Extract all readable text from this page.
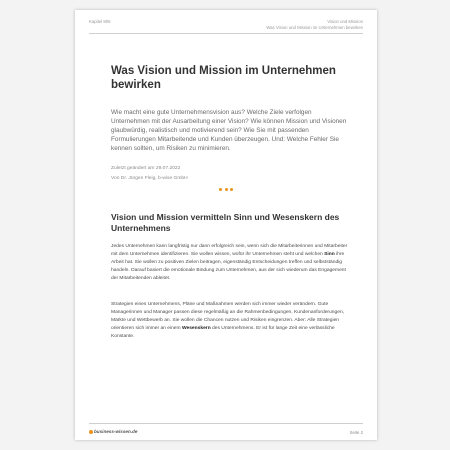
Kapitel 806	Vision und Mission
Was Vision und Mission im Unternehmen bewirken
Was Vision und Mission im Unternehmen bewirken

Wie macht eine gute Unternehmensvision aus? Welche Ziele verfolgen Unternehmen mit der Ausarbeitung einer Vision? Wie können Mission und Visionen glaubwürdig, realistisch und motivierend sein? Wie Sie mit passenden Formulierungen Mitarbeitende und Kunden überzeugen. Und: Welche Fehler Sie kennen sollten, um Risiken zu minimieren.

Zuletzt geändert am 29.07.2022
Von Dr. Jürgen Fleig, b-wise GmbH

Vision und Mission vermitteln Sinn und Wesenskern des Unternehmens

Jedes Unternehmen kann langfristig nur dann erfolgreich sein, wenn sich die Mitarbeiterinnen und Mitarbeiter mit dem Unternehmen identifizieren. Sie wollen wissen, wofür ihr Unternehmen steht und welchen Sinn ihre Arbeit hat. Sie wollen zu positiven Zielen beitragen, eigenständig Entscheidungen treffen und selbstständig handeln. Darauf basiert die emotionale Bindung zum Unternehmen, aus der sich wiederum das Engagement der Mitarbeitenden ableitet.

Strategien eines Unternehmens, Pläne und Maßnahmen werden sich immer wieder verändern. Gute Managerinnen und Manager passen diese regelmäßig an die Rahmenbedingungen, Kundenanforderungen, Märkte und Wettbewerb an. Sie wollen die Chancen nutzen und Risiken eingrenzen. Aber: Alle Strategien orientieren sich immer an einem Wesenskern des Unternehmens. Er ist für lange Zeit eine verlässliche Konstante.

business-wissen.de	Seite 2
